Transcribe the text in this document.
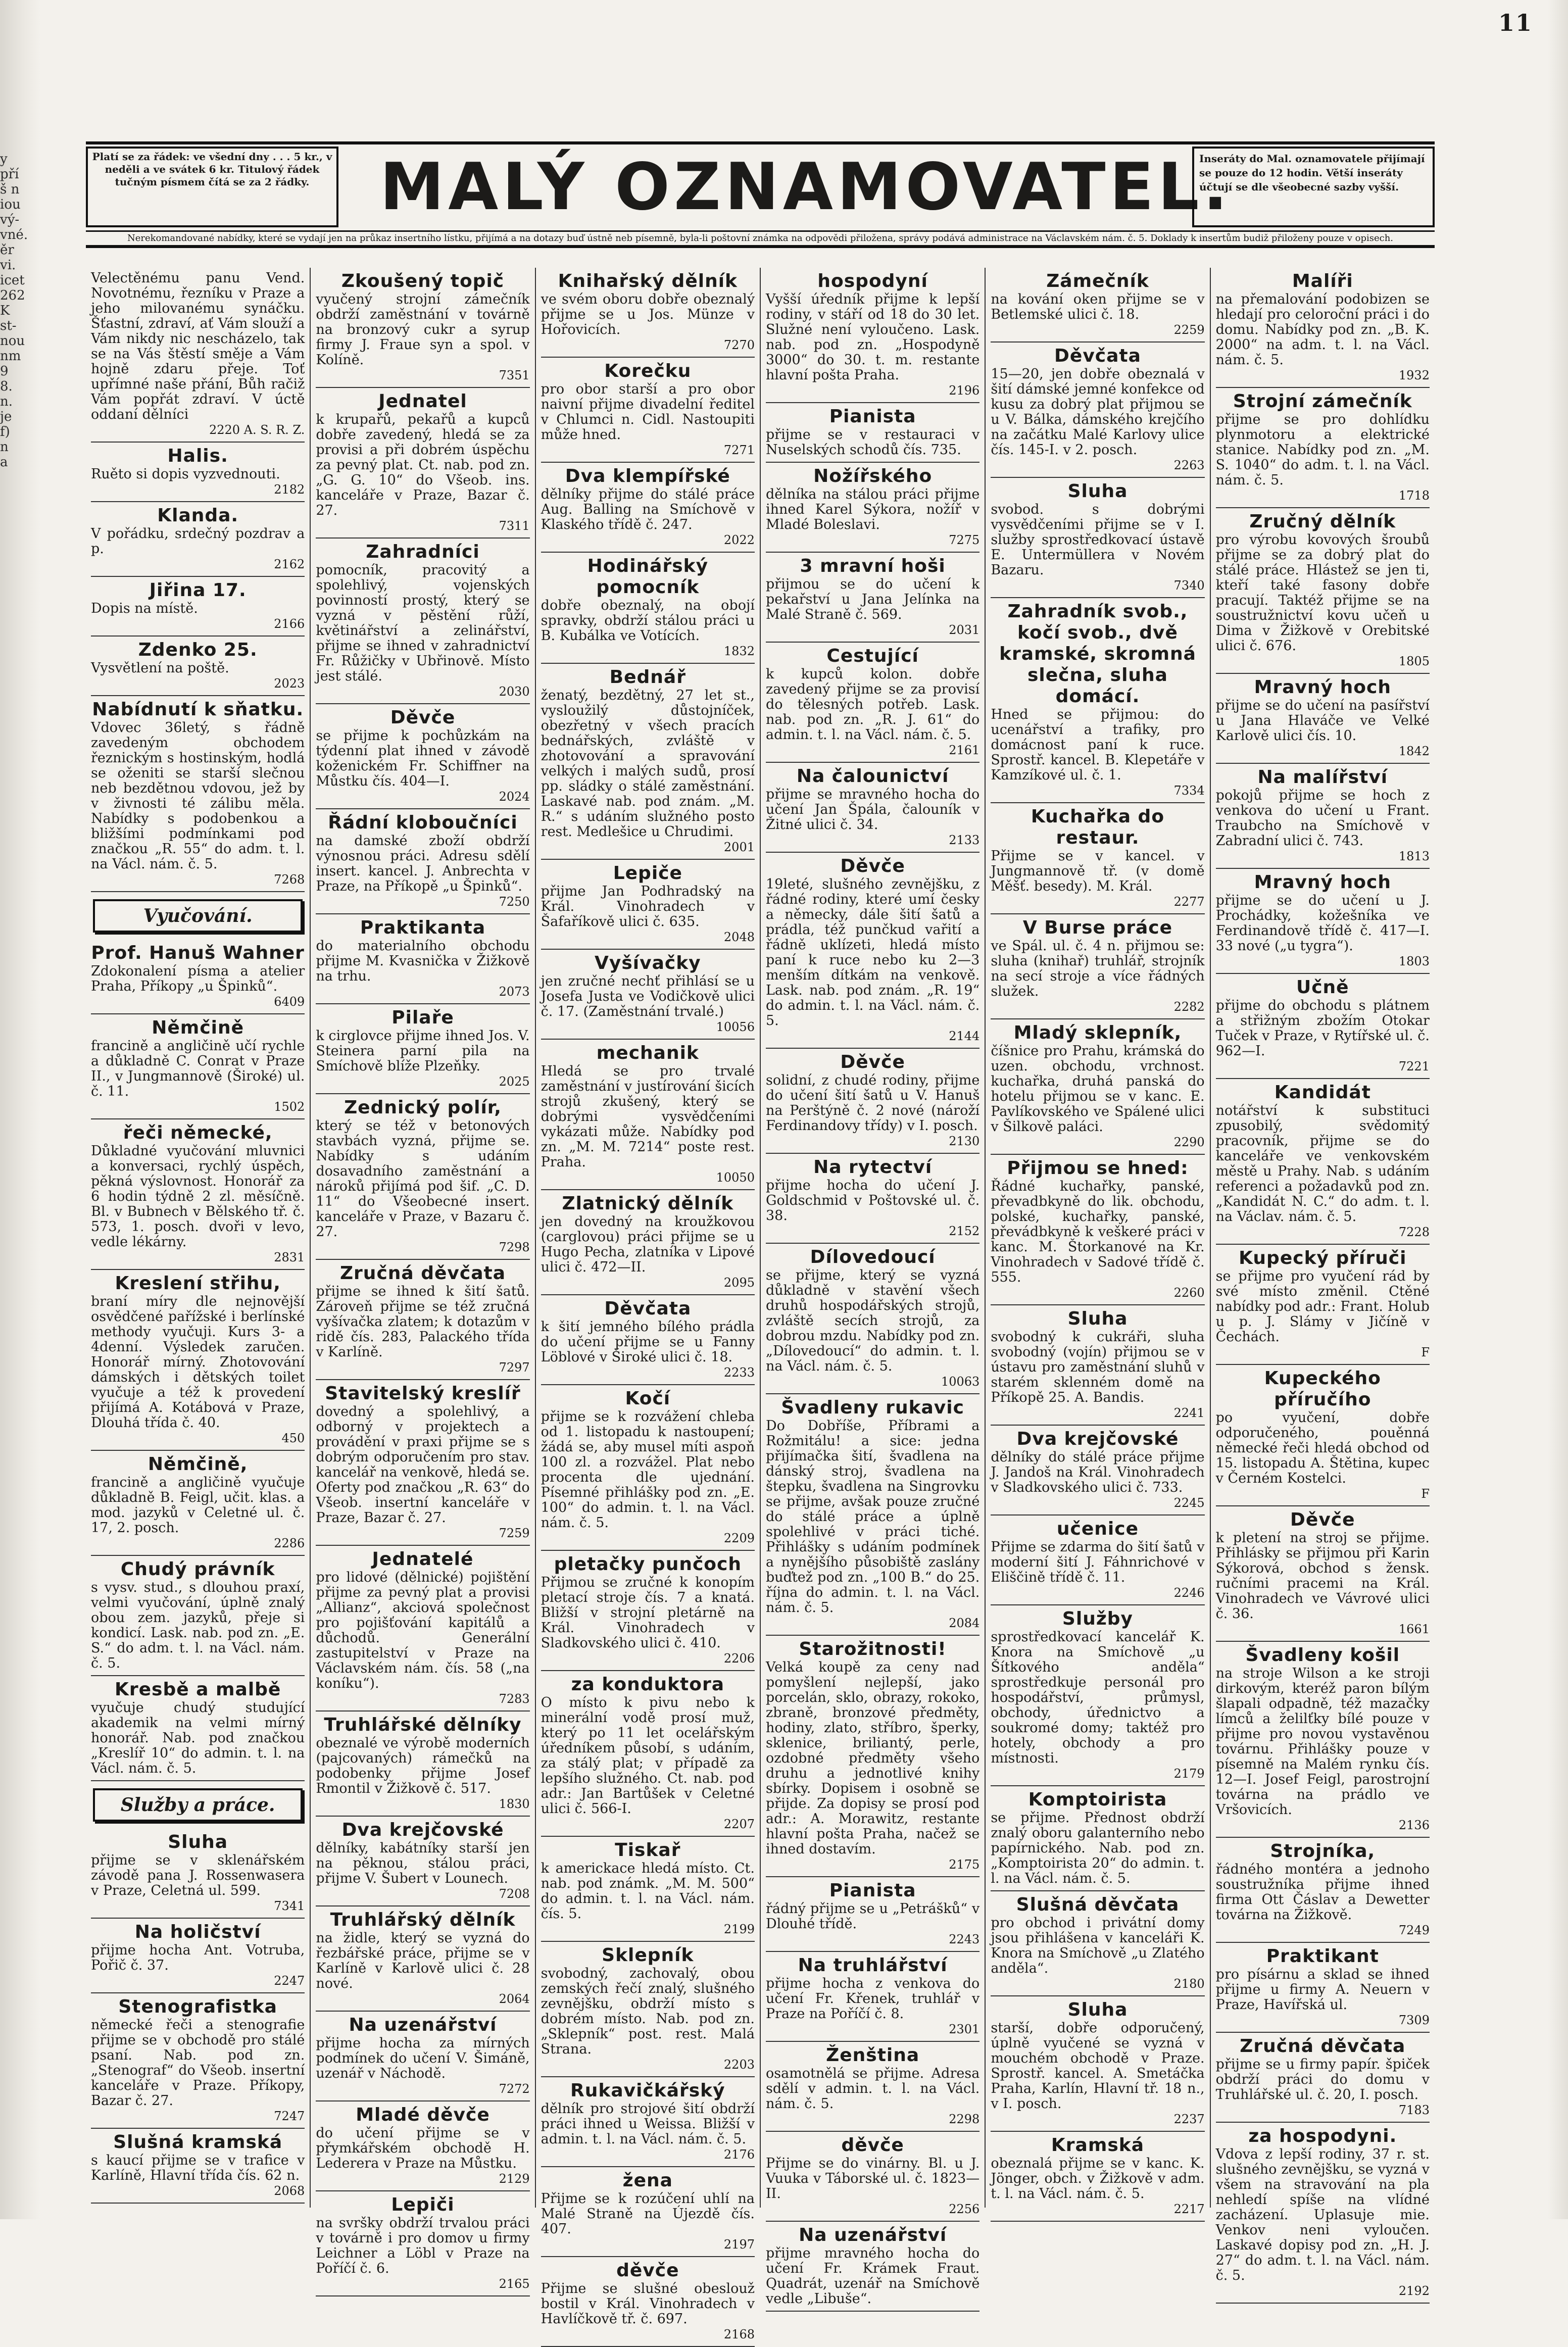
y
pří
š n
iou
vý-
vné.
ěr
vi.
icet
262
K
st-
nou
nm
9
8.
n.
je
f)
n
a
11
Platí se za řádek: ve všední dny . . . 5 kr., v neděli a ve svátek 6 kr. Titulový řádek tučným písmem čítá se za 2 řádky.	MALÝ OZNAMOVATEL.
Inseráty do Mal. oznamovatele přijímají se pouze do 12 hodin. Větší inseráty účtují se dle všeobecné sazby vyšší.
Nerekomandované nabídky, které se vydají jen na průkaz insertního lístku, přijímá a na dotazy buď ústně neb písemně, byla-li poštovní známka na odpovědi přiložena, správy podává administrace na Václavském nám. č. 5. Doklady k insertům budiž přiloženy pouze v opisech.
Velectěnému panu Vend. Novotnému, řezníku v Praze a jeho milovanému synáčku. Šťastní, zdraví, ať Vám slouží a Vám nikdy nic nescházelo, tak se na Vás štěstí směje a Vám hojně zdaru přeje. Toť upřímné naše přání, Bůh račiž Vám popřát zdraví. V úctě oddaní dělníci
2220 A. S. R. Z.
Halis.
Ruěto si dopis vyzvednouti.
2182
Klanda.
V pořádku, srdečný pozdrav a p.
2162
Jiřina 17.
Dopis na místě.
2166
Zdenko 25.
Vysvětlení na poště.
2023
Nabídnutí k sňatku.
Vdovec 36letý, s řádně zavedeným obchodem řeznickým s hostinským, hodlá se oženiti se starší slečnou neb bezdětnou vdovou, jež by v živnosti té zálibu měla. Nabídky s podobenkou a bližšími podmínkami pod značkou „R. 55“ do adm. t. l. na Václ. nám. č. 5.
7268
Vyučování.
Prof. Hanuš Wahner
Zdokonalení písma a atelier Praha, Příkopy „u Špinků“.
6409
Němčině
francině a angličině učí rychle a důkladně C. Conrat v Praze II., v Jungmannově (Široké) ul. č. 11.
1502
řeči německé,
Důkladné vyučování mluvnici a konversaci, rychlý úspěch, pěkná výslovnost. Honorář za 6 hodin týdně 2 zl. měsíčně. Bl. v Bubnech v Bělského tř. č. 573, 1. posch. dvoři v levo, vedle lékárny.
2831
Kreslení střihu,
braní míry dle nejnovější osvědčené pařížské i berlínské methody vyučuji. Kurs 3- a 4denní. Výsledek zaručen. Honorář mírný. Zhotovování dámských i dětských toilet vyučuje a též k provedení přijímá A. Kotábová v Praze, Dlouhá třída č. 40.
450
Němčině,
francině a angličině vyučuje důkladně B. Feigl, učit. klas. a mod. jazyků v Celetné ul. č. 17, 2. posch.
2286
Chudý právník
s vysv. stud., s dlouhou praxí, velmi vyučování, úplně znalý obou zem. jazyků, přeje si kondicí. Lask. nab. pod zn. „E. S.“ do adm. t. l. na Václ. nám. č. 5.
Kresbě a malbě
vyučuje chudý studující akademik na velmi mírný honorář. Nab. pod značkou „Kreslíř 10“ do admin. t. l. na Václ. nám. č. 5.
Služby a práce.
Sluha
přijme se v sklenářském závodě pana J. Rossenwasera v Praze, Celetná ul. 599.
7341
Na holičství
přijme hocha Ant. Votruba, Pořič č. 37.
2247
Stenografistka
německé řeči a stenografie přijme se v obchodě pro stálé psaní. Nab. pod zn. „Stenograf“ do Všeob. insertní kanceláře v Praze. Příkopy, Bazar č. 27.
7247
Slušná kramská
s kaucí přijme se v trafice v Karlíně, Hlavní třída čís. 62 n.
2068
Zkoušený topič
vyučený strojní zámečník obdrží zaměstnání v továrně na bronzový cukr a syrup firmy J. Fraue syn a spol. v Kolíně.
7351
Jednatel
k krupařů, pekařů a kupců dobře zavedený, hledá se za provisi a při dobrém úspěchu za pevný plat. Ct. nab. pod zn. „G. G. 10“ do Všeob. ins. kanceláře v Praze, Bazar č. 27.
7311
Zahradníci
pomocník, pracovitý a spolehlivý, vojenských povinností prostý, který se vyzná v pěstění růží, květinářství a zelinářství, přijme se ihned v zahradnictví Fr. Růžičky v Ubřinově. Místo jest stálé.
2030
Děvče
se přijme k pochůzkám na týdenní plat ihned v závodě koženickém Fr. Schiffner na Můstku čís. 404—I.
2024
Řádní kloboučníci
na damské zboží obdrží výnosnou práci. Adresu sdělí insert. kancel. J. Anbrechta v Praze, na Příkopě „u Špinků“.
7250
Praktikanta
do materialního obchodu přijme M. Kvasnička v Žižkově na trhu.
2073
Pilaře
k cirglovce přijme ihned Jos. V. Steinera parní pila na Smíchově blíže Plzeňky.
2025
Zednický polír,
který se též v betonových stavbách vyzná, přijme se. Nabídky s udáním dosavadního zaměstnání a nároků přijímá pod šif. „C. D. 11“ do Všeobecné insert. kanceláře v Praze, v Bazaru č. 27.
7298
Zručná děvčata
přijme se ihned k šití šatů. Zároveň přijme se též zručná vyšívačka zlatem; k dotazům v ridě čís. 283, Palackého třída v Karlíně.
7297
Stavitelský kreslíř
dovedný a spolehlivý, a odborný v projektech a provádění v praxi přijme se s dobrým odporučením pro stav. kancelář na venkově, hledá se. Oferty pod značkou „R. 63“ do Všeob. insertní kanceláře v Praze, Bazar č. 27.
7259
Jednatelé
pro lidové (dělnické) pojištění přijme za pevný plat a provisi „Allianz“, akciová společnost pro pojišťování kapitálů a důchodů. Generální zastupitelství v Praze na Václavském nám. čís. 58 („na koníku“).
7283
Truhlářské dělníky
obeznalé ve výrobě moderních (pajcovaných) rámečků na podobenky přijme Josef Rmontil v Žižkově č. 517.
1830
Dva krejčovské
dělníky, kabátníky starší jen na pěknou, stálou práci, přijme V. Šubert v Lounech.
7208
Truhlářský dělník
na židle, který se vyzná do řezbářské práce, přijme se v Karlíně v Karlově ulici č. 28 nové.
2064
Na uzenářství
přijme hocha za mírných podmínek do učení V. Šimáně, uzenář v Náchodě.
7272
Mladé děvče
do učení přijme se v přymkářském obchodě H. Lederera v Praze na Můstku.
2129
Lepiči
na svršky obdrží trvalou práci v továrně i pro domov u firmy Leichner a Löbl v Praze na Poříčí č. 6.
2165
Knihařský dělník
ve svém oboru dobře obeznalý přijme se u Jos. Münze v Hořovicích.
7270
Korečku
pro obor starší a pro obor naivní přijme divadelní ředitel v Chlumci n. Cidl. Nastoupiti může hned.
7271
Dva klempířské
dělníky přijme do stálé práce Aug. Balling na Smíchově v Klaského třídě č. 247.
2022
Hodinářský pomocník
dobře obeznalý, na obojí spravky, obdrží stálou práci u B. Kubálka ve Votících.
1832
Bednář
ženatý, bezdětný, 27 let st., vysloužilý důstojníček, obezřetný v všech pracích bednářských, zvláště v zhotovování a spravování velkých i malých sudů, prosí pp. sládky o stálé zaměstnání. Laskavé nab. pod znám. „M. R.“ s udáním služného posto rest. Medlešice u Chrudimi.
2001
Lepiče
přijme Jan Podhradský na Král. Vinohradech v Šafaříkově ulici č. 635.
2048
Vyšívačky
jen zručné nechť přihlásí se u Josefa Justa ve Vodičkově ulici č. 17. (Zaměstnání trvalé.)
10056
mechanik
Hledá se pro trvalé zaměstnání v justírování šicích strojů zkušený, který se dobrými vysvědčeními vykázati může. Nabídky pod zn. „M. M. 7214“ poste rest. Praha.
10050
Zlatnický dělník
jen dovedný na kroužkovou (carglovou) práci přijme se u Hugo Pecha, zlatníka v Lipové ulici č. 472—II.
2095
Děvčata
k šití jemného bílého prádla do učení přijme se u Fanny Löblové v Široké ulici č. 18.
2233
Kočí
přijme se k rozvážení chleba od 1. listopadu k nastoupení; žádá se, aby musel míti aspoň 100 zl. a rozvážel. Plat nebo procenta dle ujednání. Písemné přihlášky pod zn. „E. 100“ do admin. t. l. na Václ. nám. č. 5.
2209
pletačky punčoch
Přijmou se zručné k konopím pletací stroje čís. 7 a knatá. Bližší v strojní pletárně na Král. Vinohradech v Sladkovského ulici č. 410.
2206
za konduktora
O místo k pivu nebo k minerální vodě prosí muž, který po 11 let ocelářským úředníkem působí, s udáním, za stálý plat; v případě za lepšího služného. Ct. nab. pod adr.: Jan Bartůšek v Celetné ulici č. 566-I.
2207
Tiskař
k americkace hledá místo. Ct. nab. pod známk. „M. M. 500“ do admin. t. l. na Václ. nám. čís. 5.
2199
Sklepník
svobodný, zachovalý, obou zemských řečí znalý, slušného zevnějšku, obdrží místo s dobrém místo. Nab. pod zn. „Sklepník“ post. rest. Malá Strana.
2203
Rukavičkářský
dělník pro strojové šití obdrží práci ihned u Weissa. Bližší v admin. t. l. na Václ. nám. č. 5.
2176
žena
Přijme se k rozúčení uhlí na Malé Straně na Újezdě čís. 407.
2197
děvče
Přijme se slušné obeslouž bostil v Král. Vinohradech v Havlíčkově tř. č. 697.
2168
hospodyní
Vyšší úředník přijme k lepší rodiny, v stáří od 18 do 30 let. Služné není vyloučeno. Lask. nab. pod zn. „Hospodyně 3000“ do 30. t. m. restante hlavní pošta Praha.
2196
Pianista
přijme se v restauraci v Nuselských schodů čís. 735.
Nožířského
dělníka na stálou práci přijme ihned Karel Sýkora, nožíř v Mladé Boleslavi.
7275
3 mravní hoši
přijmou se do učení k pekařství u Jana Jelínka na Malé Straně č. 569.
2031
Cestující
k kupců kolon. dobře zavedený přijme se za provisí do tělesných potřeb. Lask. nab. pod zn. „R. J. 61“ do admin. t. l. na Václ. nám. č. 5.
2161
Na čalounictví
přijme se mravného hocha do učení Jan Špála, čalouník v Žitné ulici č. 34.
2133
Děvče
19leté, slušného zevnějšku, z řádné rodiny, které umí česky a německy, dále šití šatů a prádla, též punčkud vařití a řádně uklízeti, hledá místo paní k ruce nebo ku 2—3 menším dítkám na venkově. Lask. nab. pod znám. „R. 19“ do admin. t. l. na Václ. nám. č. 5.
2144
Děvče
solidní, z chudé rodiny, přijme do učení šití šatů u V. Hanuš na Perštýně č. 2 nové (nároží Ferdinandovy třídy) v I. posch.
2130
Na rytectví
přijme hocha do učení J. Goldschmid v Poštovské ul. č. 38.
2152
Dílovedoucí
se přijme, který se vyzná důkladně v stavění všech druhů hospodářských strojů, zvláště secích strojů, za dobrou mzdu. Nabídky pod zn. „Dílovedoucí“ do admin. t. l. na Václ. nám. č. 5.
10063
Švadleny rukavic
Do Dobříše, Příbrami a Rožmitálu! a sice: jedna přijímačka šití, švadlena na dánský stroj, švadlena na štepku, švadlena na Singrovku se přijme, avšak pouze zručné do stálé práce a úplně spolehlivé v práci tiché. Přihlášky s udáním podmínek a nynějšího působiště zaslány buďtež pod zn. „100 B.“ do 25. října do admin. t. l. na Václ. nám. č. 5.
2084
Starožitnosti!
Velká koupě za ceny nad pomyšlení nejlepší, jako porcelán, sklo, obrazy, rokoko, zbraně, bronzové předměty, hodiny, zlato, stříbro, šperky, sklenice, briliantý, perle, ozdobné předměty všeho druhu a jednotlivé knihy sbírky. Dopisem i osobně se přijde. Za dopisy se prosí pod adr.: A. Morawitz, restante hlavní pošta Praha, načež se ihned dostavím.
2175
Pianista
řádný přijme se u „Petrášků“ v Dlouhé třídě.
2243
Na truhlářství
přijme hocha z venkova do učení Fr. Křenek, truhlář v Praze na Poříčí č. 8.
2301
Ženština
osamotnělá se přijme. Adresa sdělí v admin. t. l. na Václ. nám. č. 5.
2298
děvče
Přijme se do vinárny. Bl. u J. Vuuka v Táborské ul. č. 1823—II.
2256
Na uzenářství
přijme mravného hocha do učení Fr. Krámek Fraut. Quadrát, uzenář na Smíchově vedle „Libuše“.
Zámečník
na kování oken přijme se v Betlemské ulici č. 18.
2259
Děvčata
15—20, jen dobře obeznalá v šití dámské jemné konfekce od kusu za dobrý plat přijmou se u V. Bálka, dámského krejčího na začátku Malé Karlovy ulice čís. 145-I. v 2. posch.
2263
Sluha
svobod. s dobrými vysvědčeními přijme se v I. služby sprostředkovací ústavě E. Untermüllera v Novém Bazaru.
7340
Zahradník svob., kočí svob., dvě kramské, skromná slečna, sluha domácí.
Hned se přijmou: do ucenářství a trafiky, pro domácnost paní k ruce. Sprostř. kancel. B. Klepetáře v Kamzíkové ul. č. 1.
7334
Kuchařka do restaur.
Přijme se v kancel. v Jungmannově tř. (v domě Měšť. besedy). M. Král.
2277
V Burse práce
ve Spál. ul. č. 4 n. přijmou se: sluha (knihař) truhlář, strojník na secí stroje a více řádných služek.
2282
Mladý sklepník,
číšnice pro Prahu, krámská do uzen. obchodu, vrchnost. kuchařka, druhá panská do hotelu přijmou se v kanc. E. Pavlíkovského ve Spálené ulici v Šilkově paláci.
2290
Přijmou se hned:
Řádné kuchařky, panské, převadbkyně do lik. obchodu, polské, kuchařky, panské, převádbkyně k veškeré práci v kanc. M. Štorkanové na Kr. Vinohradech v Sadové třídě č. 555.
2260
Sluha
svobodný k cukráři, sluha svobodný (vojín) přijmou se v ústavu pro zaměstnání sluhů v starém sklenném domě na Příkopě 25. A. Bandis.
2241
Dva krejčovské
dělníky do stálé práce přijme J. Jandoš na Král. Vinohradech v Sladkovského ulici č. 733.
2245
učenice
Přijme se zdarma do šití šatů v moderní šití J. Fáhnrichové v Eliščině třídě č. 11.
2246
Služby
sprostředkovací kancelář K. Knora na Smíchově „u Šítkového anděla“ sprostředkuje personál pro hospodářství, průmysl, obchody, úřednictvo a soukromé domy; taktéž pro hotely, obchody a pro místnosti.
2179
Komptoirista
se přijme. Přednost obdrží znalý oboru galanterního nebo papírnického. Nab. pod zn. „Komptoirista 20“ do admin. t. l. na Václ. nám. č. 5.
Slušná děvčata
pro obchod i privátní domy jsou přihlášena v kanceláři K. Knora na Smíchově „u Zlatého anděla“.
2180
Sluha
starší, dobře odporučený, úplně vyučené se vyzná v mouchém obchodě v Praze. Sprostř. kancel. A. Smetáčka Praha, Karlín, Hlavní tř. 18 n., v I. posch.
2237
Kramská
obeznalá přijme se v kanc. K. Jönger, obch. v Žižkově v adm. t. l. na Václ. nám. č. 5.
2217
Malíři
na přemalování podobizen se hledají pro celoroční práci i do domu. Nabídky pod zn. „B. K. 2000“ na adm. t. l. na Václ. nám. č. 5.
1932
Strojní zámečník
přijme se pro dohlídku plynmotoru a elektrické stanice. Nabídky pod zn. „M. S. 1040“ do adm. t. l. na Václ. nám. č. 5.
1718
Zručný dělník
pro výrobu kovových šroubů přijme se za dobrý plat do stálé práce. Hlástež se jen ti, kteří také fasony dobře pracují. Taktéž přijme se na soustružnictví kovu učeň u Dima v Žižkově v Orebitské ulici č. 676.
1805
Mravný hoch
přijme se do učení na pasířství u Jana Hlaváče ve Velké Karlově ulici čís. 10.
1842
Na malířství
pokojů přijme se hoch z venkova do učení u Frant. Traubcho na Smíchově v Zabradní ulici č. 743.
1813
Mravný hoch
přijme se do učení u J. Prochádky, kožešníka ve Ferdinandově třídě č. 417—I. 33 nové („u tygra“).
1803
Učně
přijme do obchodu s plátnem a střižným zbožím Otokar Tuček v Praze, v Rytířské ul. č. 962—I.
7221
Kandidát
notářství k substituci zpusobilý, svědomitý pracovník, přijme se do kanceláře ve venkovském městě u Prahy. Nab. s udáním referenci a požadavků pod zn. „Kandidát N. C.“ do adm. t. l. na Václav. nám. č. 5.
7228
Kupecký příruči
se přijme pro vyučení rád by své místo změnil. Ctěné nabídky pod adr.: Frant. Holub u p. J. Slámy v Jičíně v Čechách.
F
Kupeckého příručího
po vyučení, dobře odporučeného, pouěnná německé řeči hledá obchod od 15. listopadu A. Štětina, kupec v Černém Kostelci.
F
Děvče
k pletení na stroj se přijme. Přihlásky se přijmou při Karin Sýkorová, obchod s žensk. ručními pracemi na Král. Vinohradech ve Vávrové ulici č. 36.
1661
Švadleny košil
na stroje Wilson a ke stroji dirkovým, kteréž paron bílým šlapali odpadně, též mazačky límců a želilťky bílé pouze v přijme pro novou vystavěnou továrnu. Přihlášky pouze v písemně na Malém rynku čís. 12—I. Josef Feigl, parostrojní továrna na prádlo ve Vršovicích.
2136
Strojníka,
řádného montéra a jednoho soustružníka přijme ihned firma Ott Čáslav a Dewetter továrna na Žižkově.
7249
Praktikant
pro písárnu a sklad se ihned přijme u firmy A. Neuern v Praze, Havířská ul.
7309
Zručná děvčata
přijme se u firmy papír. špiček obdrží práci do domu v Truhlářské ul. č. 20, I. posch.
7183
za hospodyni.
Vdova z lepší rodiny, 37 r. st. slušného zevnějšku, se vyzná v všem na stravování na pla nehledí spíše na vlídné zacházení. Uplasuje mie. Venkov neni vyloučen. Laskavé dopisy pod zn. „H. J. 27“ do adm. t. l. na Václ. nám. č. 5.
2192
